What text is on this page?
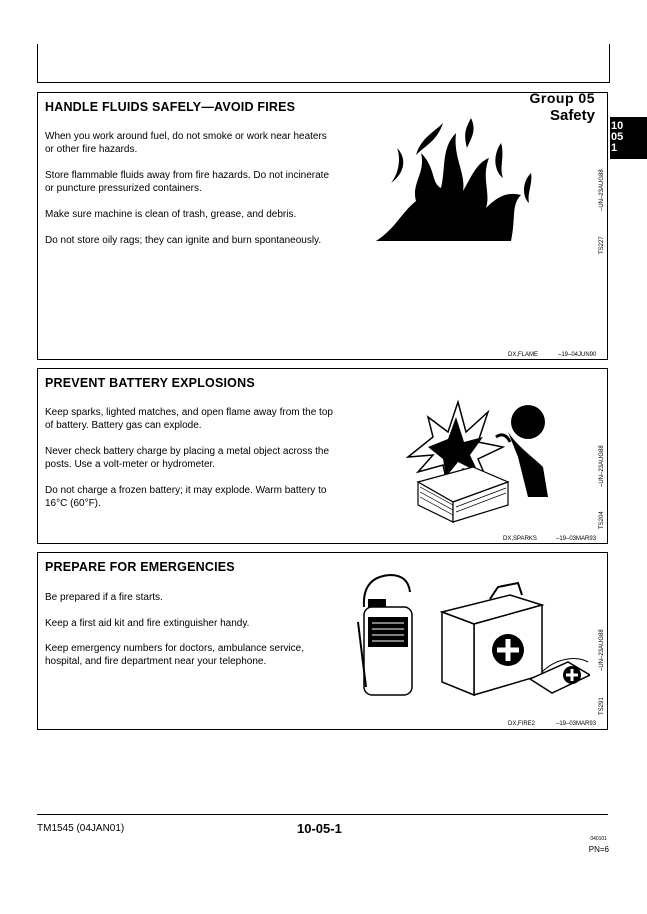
Group 05
Safety
10
05
1
HANDLE FLUIDS SAFELY—AVOID FIRES

When you work around fuel, do not smoke or work near heaters or other fire hazards.

Store flammable fluids away from fire hazards. Do not incinerate or puncture pressurized containers.

Make sure machine is clean of trash, grease, and debris.

Do not store oily rags; they can ignite and burn spontaneously.	TS227
–UN–23AUG88
DX,FLAME	–19–04JUN90
PREVENT BATTERY EXPLOSIONS

Keep sparks, lighted matches, and open flame away from the top of battery. Battery gas can explode.

Never check battery charge by placing a metal object across the posts. Use a volt-meter or hydrometer.

Do not charge a frozen battery; it may explode. Warm battery to 16°C (60°F).

TS204
–UN–23AUG88
DX,SPARKS	–19–03MAR93
PREPARE FOR EMERGENCIES

Be prepared if a fire starts.

Keep a first aid kit and fire extinguisher handy.

Keep emergency numbers for doctors, ambulance service, hospital, and fire department near your telephone.

TS291
–UN–23AUG88
DX,FIRE2	–19–03MAR93
TM1545 (04JAN01)	10-05-1
040101
PN=6
